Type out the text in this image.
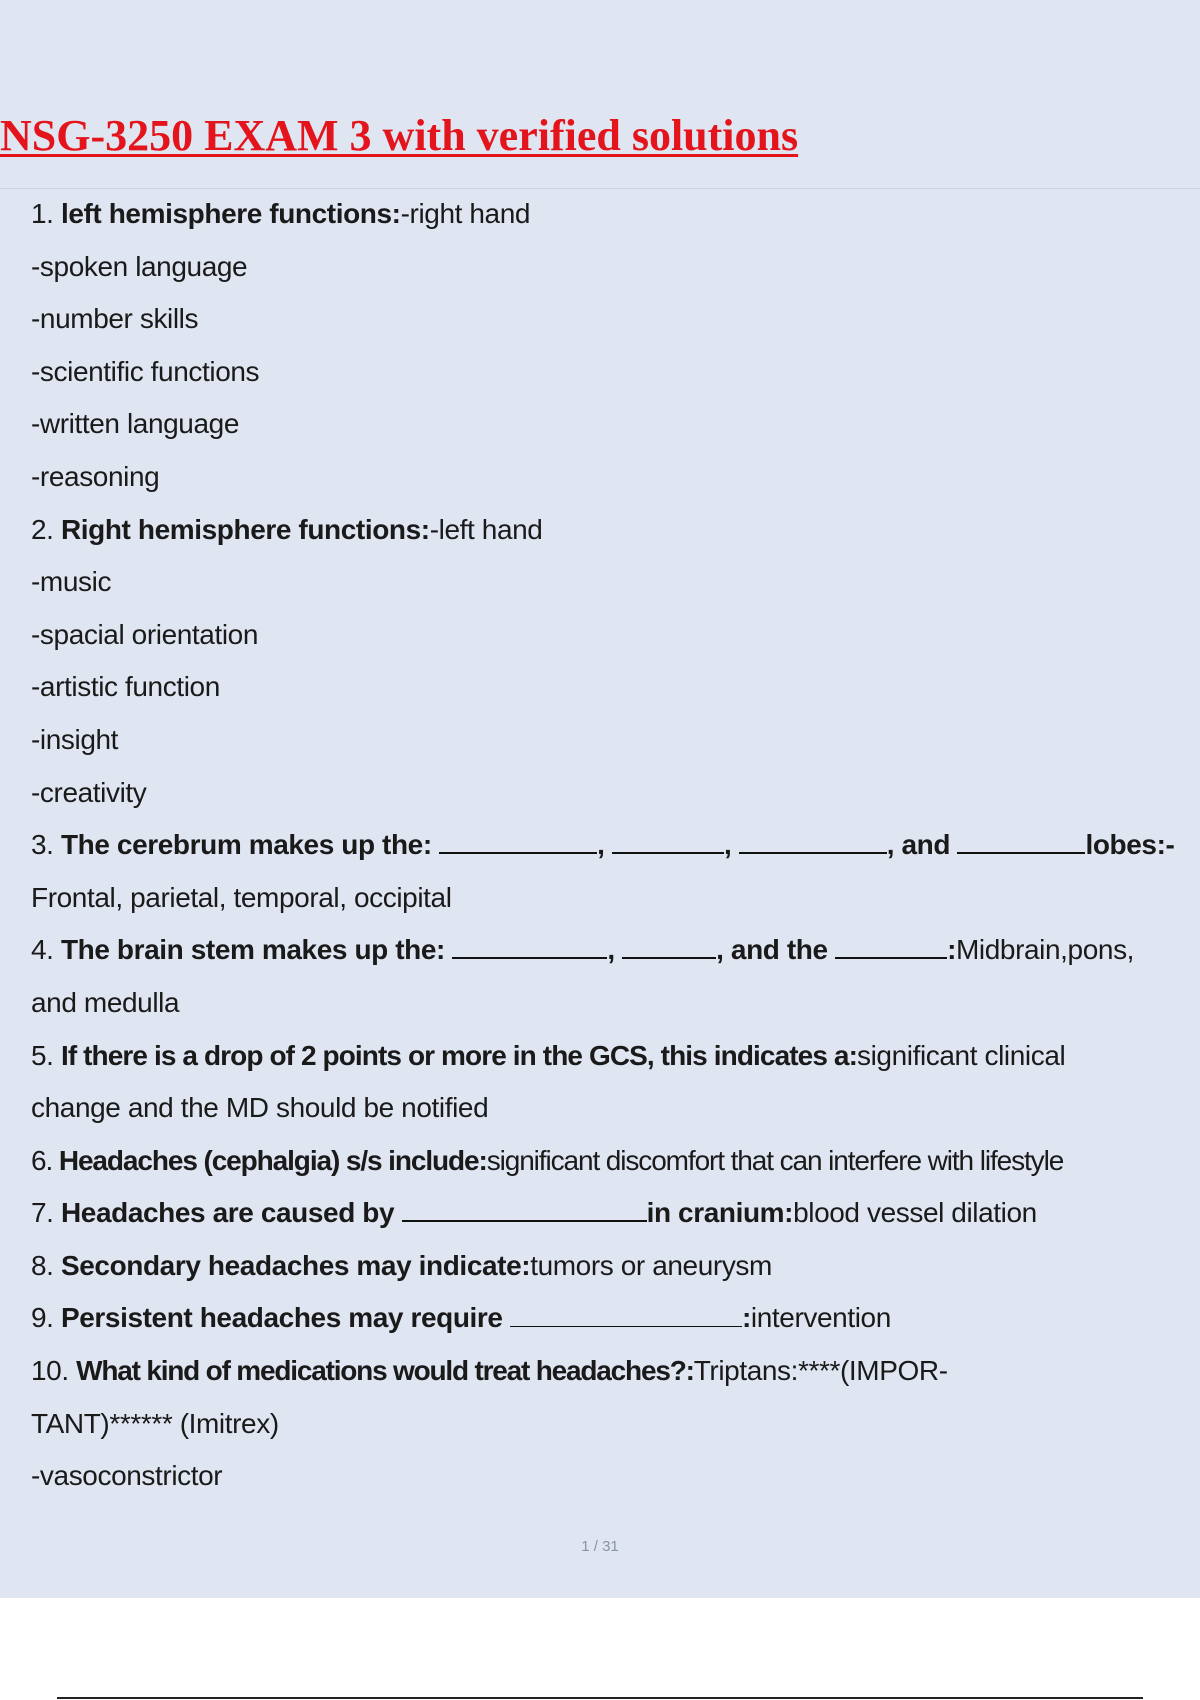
NSG-3250 EXAM 3 with verified solutions
1. left hemisphere functions:-right hand
-spoken language
-number skills
-scientific functions
-written language
-reasoning
2. Right hemisphere functions:-left hand
-music
-spacial orientation
-artistic function
-insight
-creativity
3. The cerebrum makes up the:	,	,	, and	lobes:-
Frontal, parietal, temporal, occipital
4. The brain stem makes up the:	,	, and the	:Midbrain,pons,
and medulla
5. If there is a drop of 2 points or more in the GCS, this indicates a:significant clinical
change and the MD should be notified
6. Headaches (cephalgia) s/s include:significant discomfort that can interfere with lifestyle
7. Headaches are caused by	in cranium:blood vessel dilation
8. Secondary headaches may indicate:tumors or aneurysm
9. Persistent headaches may require	:intervention
10. What kind of medications would treat headaches?:Triptans:****(IMPOR-
TANT)****** (Imitrex)
-vasoconstrictor
1 / 31
